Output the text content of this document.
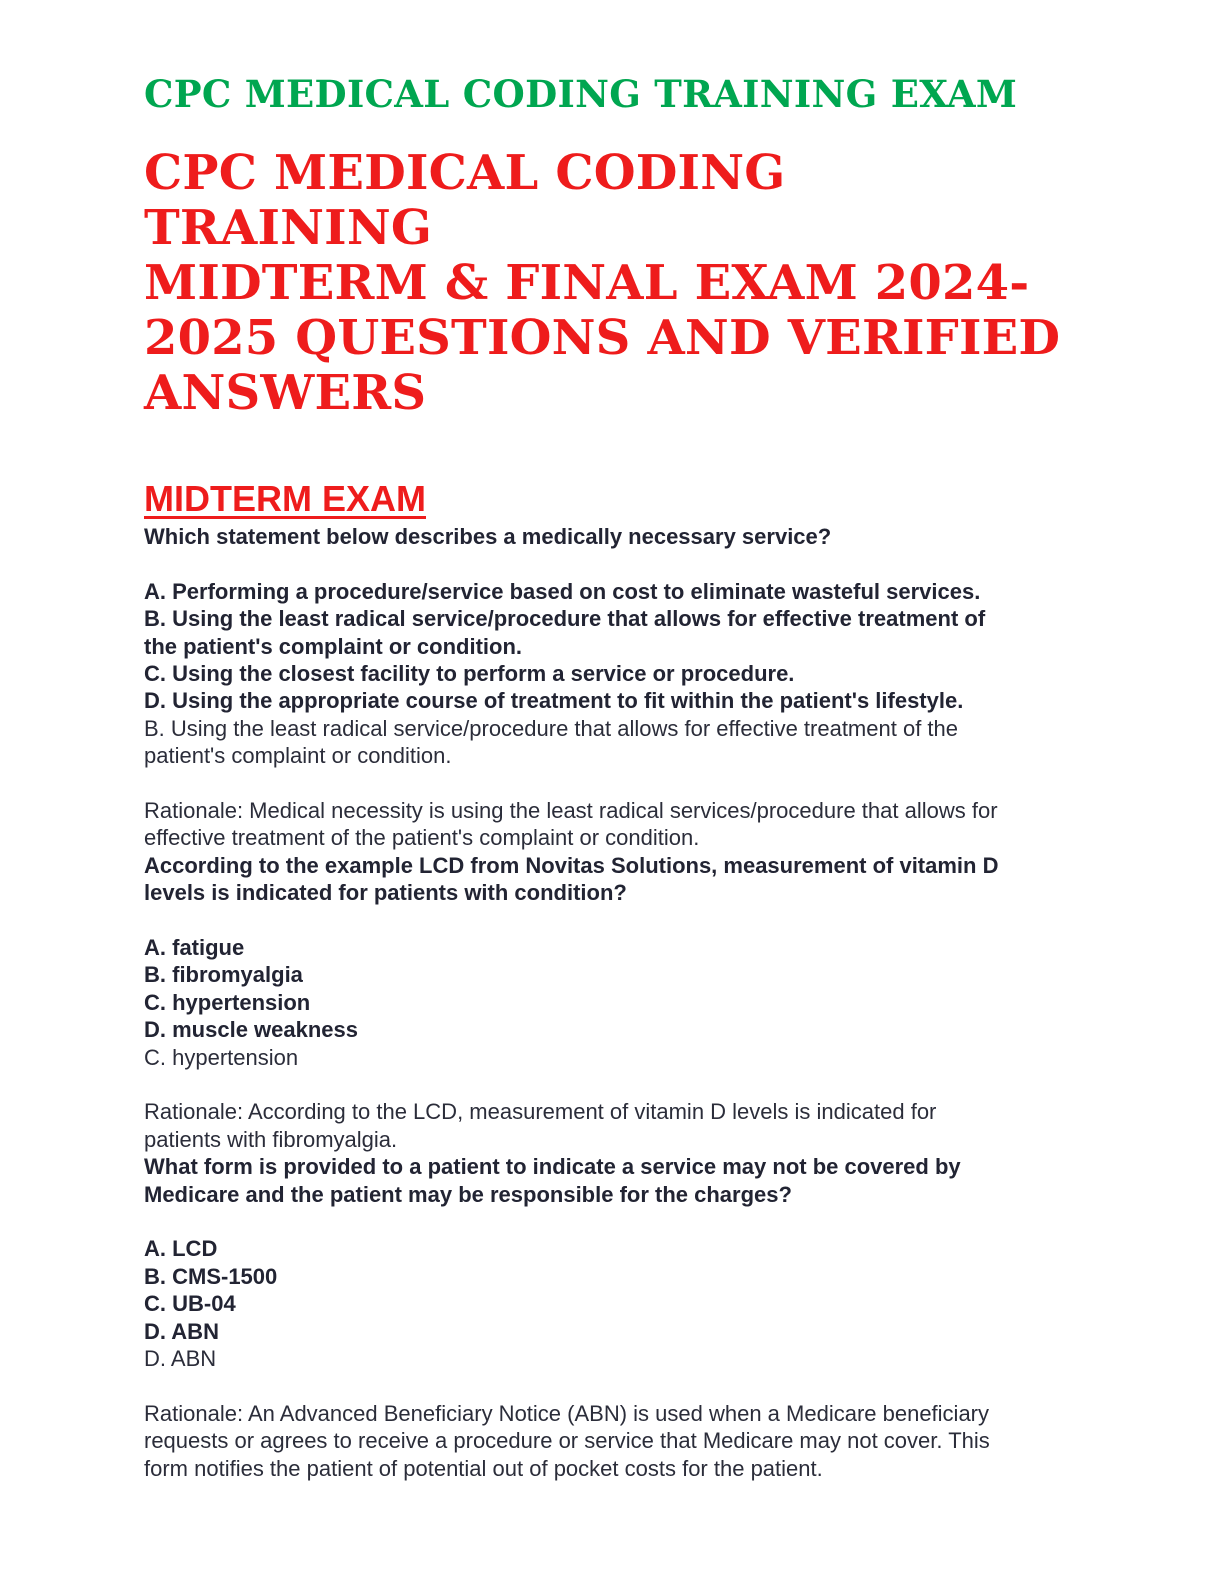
CPC MEDICAL CODING TRAINING EXAM
CPC MEDICAL CODING TRAINING
MIDTERM & FINAL EXAM 2024-
2025 QUESTIONS AND VERIFIED
ANSWERS
MIDTERM EXAM
Which statement below describes a medically necessary service?
A. Performing a procedure/service based on cost to eliminate wasteful services.
B. Using the least radical service/procedure that allows for effective treatment of
the patient's complaint or condition.
C. Using the closest facility to perform a service or procedure.
D. Using the appropriate course of treatment to fit within the patient's lifestyle.
B. Using the least radical service/procedure that allows for effective treatment of the
patient's complaint or condition.
Rationale: Medical necessity is using the least radical services/procedure that allows for
effective treatment of the patient's complaint or condition.
According to the example LCD from Novitas Solutions, measurement of vitamin D
levels is indicated for patients with condition?
A. fatigue
B. fibromyalgia
C. hypertension
D. muscle weakness
C. hypertension
Rationale: According to the LCD, measurement of vitamin D levels is indicated for
patients with fibromyalgia.
What form is provided to a patient to indicate a service may not be covered by
Medicare and the patient may be responsible for the charges?
A. LCD
B. CMS-1500
C. UB-04
D. ABN
D. ABN
Rationale: An Advanced Beneficiary Notice (ABN) is used when a Medicare beneficiary
requests or agrees to receive a procedure or service that Medicare may not cover. This
form notifies the patient of potential out of pocket costs for the patient.
